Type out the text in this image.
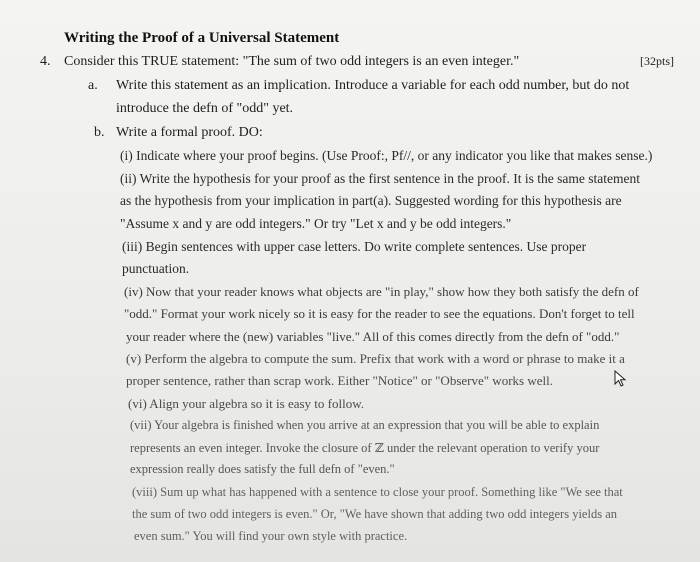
Writing the Proof of a Universal Statement
4. Consider this TRUE statement: "The sum of two odd integers is an even integer."	[32pts]
a. Write this statement as an implication. Introduce a variable for each odd number, but do not
introduce the defn of "odd" yet.
b. Write a formal proof. DO:
(i) Indicate where your proof begins. (Use Proof:, Pf//, or any indicator you like that makes sense.)
(ii) Write the hypothesis for your proof as the first sentence in the proof. It is the same statement
as the hypothesis from your implication in part(a). Suggested wording for this hypothesis are
"Assume x and y are odd integers." Or try "Let x and y be odd integers."
(iii) Begin sentences with upper case letters. Do write complete sentences. Use proper
punctuation.
(iv) Now that your reader knows what objects are "in play," show how they both satisfy the defn of
"odd." Format your work nicely so it is easy for the reader to see the equations. Don't forget to tell
your reader where the (new) variables "live." All of this comes directly from the defn of "odd."
(v) Perform the algebra to compute the sum. Prefix that work with a word or phrase to make it a
proper sentence, rather than scrap work. Either "Notice" or "Observe" works well.
(vi) Align your algebra so it is easy to follow.
(vii) Your algebra is finished when you arrive at an expression that you will be able to explain
represents an even integer. Invoke the closure of ℤ under the relevant operation to verify your
expression really does satisfy the full defn of "even."
(viii) Sum up what has happened with a sentence to close your proof. Something like "We see that
the sum of two odd integers is even." Or, "We have shown that adding two odd integers yields an
even sum." You will find your own style with practice.
